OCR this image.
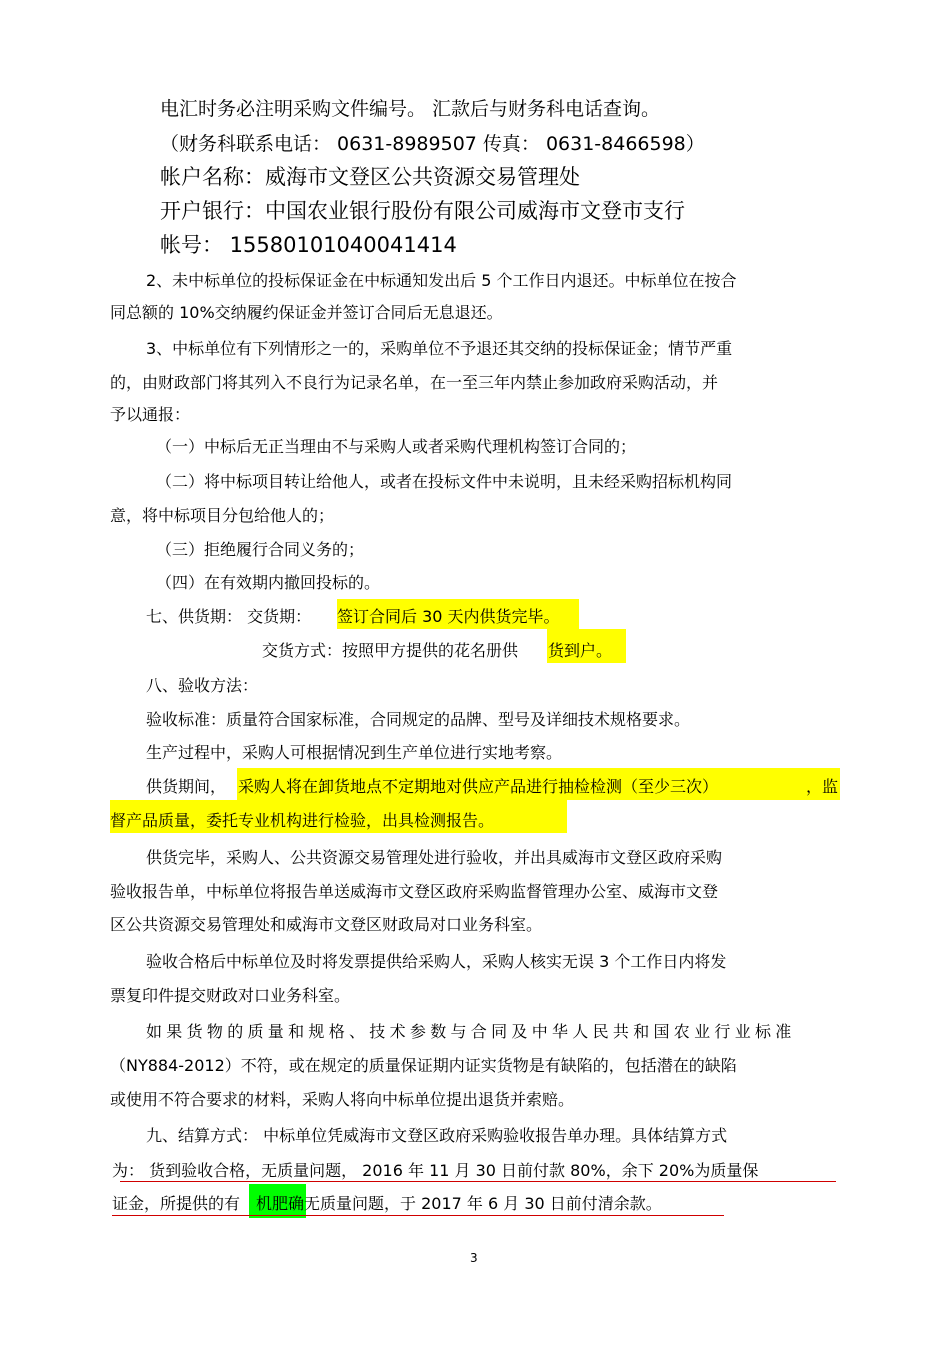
电汇时务必注明采购文件编号。 汇款后与财务科电话查询。
（财务科联系电话： 0631-8989507 传真： 0631-8466598）
帐户名称：威海市文登区公共资源交易管理处
开户银行：中国农业银行股份有限公司威海市文登市支行
帐号： 15580101040041414
2、未中标单位的投标保证金在中标通知发出后 5 个工作日内退还。中标单位在按合
同总额的 10%交纳履约保证金并签订合同后无息退还。
3、中标单位有下列情形之一的，采购单位不予退还其交纳的投标保证金；情节严重
的，由财政部门将其列入不良行为记录名单，在一至三年内禁止参加政府采购活动，并
予以通报：
（一）中标后无正当理由不与采购人或者采购代理机构签订合同的；
（二）将中标项目转让给他人，或者在投标文件中未说明，且未经采购招标机构同
意，将中标项目分包给他人的；
（三）拒绝履行合同义务的；
（四）在有效期内撤回投标的。
七、供货期： 交货期： 签订合同后 30 天内供货完毕。
交货方式：按照甲方提供的花名册供 货到户。
八、验收方法：
验收标准：质量符合国家标准，合同规定的品牌、型号及详细技术规格要求。
生产过程中，采购人可根据情况到生产单位进行实地考察。
供货期间， 采购人将在卸货地点不定期地对供应产品进行抽检检测（至少三次）	，监
督产品质量，委托专业机构进行检验，出具检测报告。
供货完毕，采购人、公共资源交易管理处进行验收，并出具威海市文登区政府采购
验收报告单，中标单位将报告单送威海市文登区政府采购监督管理办公室、威海市文登
区公共资源交易管理处和威海市文登区财政局对口业务科室。
验收合格后中标单位及时将发票提供给采购人，采购人核实无误 3 个工作日内将发
票复印件提交财政对口业务科室。
如果货物的质量和规格、技术参数与合同及中华人民共和国农业行业标准
（NY884-2012）不符，或在规定的质量保证期内证实货物是有缺陷的，包括潜在的缺陷
或使用不符合要求的材料，采购人将向中标单位提出退货并索赔。
九、结算方式： 中标单位凭威海市文登区政府采购验收报告单办理。具体结算方式
为： 货到验收合格，无质量问题， 2016 年 11 月 30 日前付款 80%，余下 20%为质量保
证金，所提供的有 机肥确 无质量问题，于 2017 年 6 月 30 日前付清余款。
3
